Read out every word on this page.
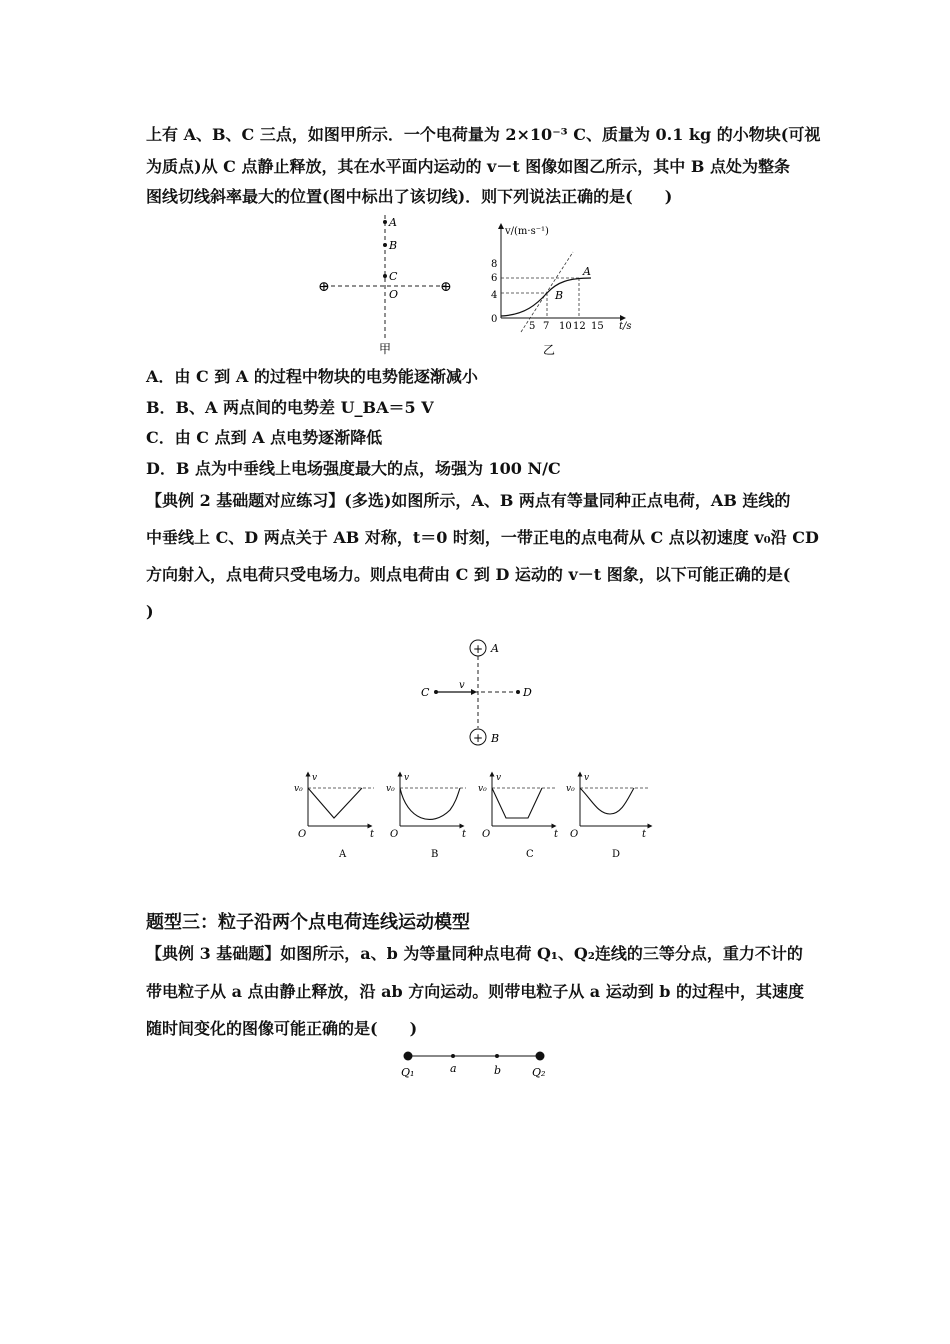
上有 A、B、C 三点，如图甲所示．一个电荷量为 2×10⁻³ C、质量为 0.1 kg 的小物块(可视
为质点)从 C 点静止释放，其在水平面内运动的 v－t 图像如图乙所示，其中 B 点处为整条
图线切线斜率最大的位置(图中标出了该切线)．则下列说法正确的是(　　)
A
B
C
O
⊕	⊕
甲
v/(m·s⁻¹)
t/s
8
6
4
0
5 7 10 12 15
A
B
乙
A．由 C 到 A 的过程中物块的电势能逐渐减小
B．B、A 两点间的电势差 U_BA＝5 V
C．由 C 点到 A 点电势逐渐降低
D．B 点为中垂线上电场强度最大的点，场强为 100 N/C
【典例 2 基础题对应练习】(多选)如图所示，A、B 两点有等量同种正点电荷，AB 连线的
中垂线上 C、D 两点关于 AB 对称，t＝0 时刻，一带正电的点电荷从 C 点以初速度 v₀沿 CD
方向射入，点电荷只受电场力。则点电荷由 C 到 D 运动的 v－t 图象，以下可能正确的是(
)
+
+
A
B
C	D
v
v
v₀
O	t
A
v
v₀
O	t
B
v
v₀
O	t
C
v
v₀
O	t
D
题型三：粒子沿两个点电荷连线运动模型
【典例 3 基础题】如图所示，a、b 为等量同种点电荷 Q₁、Q₂连线的三等分点，重力不计的
带电粒子从 a 点由静止释放，沿 ab 方向运动。则带电粒子从 a 运动到 b 的过程中，其速度
随时间变化的图像可能正确的是(　　)
Q₁	a	b	Q₂
